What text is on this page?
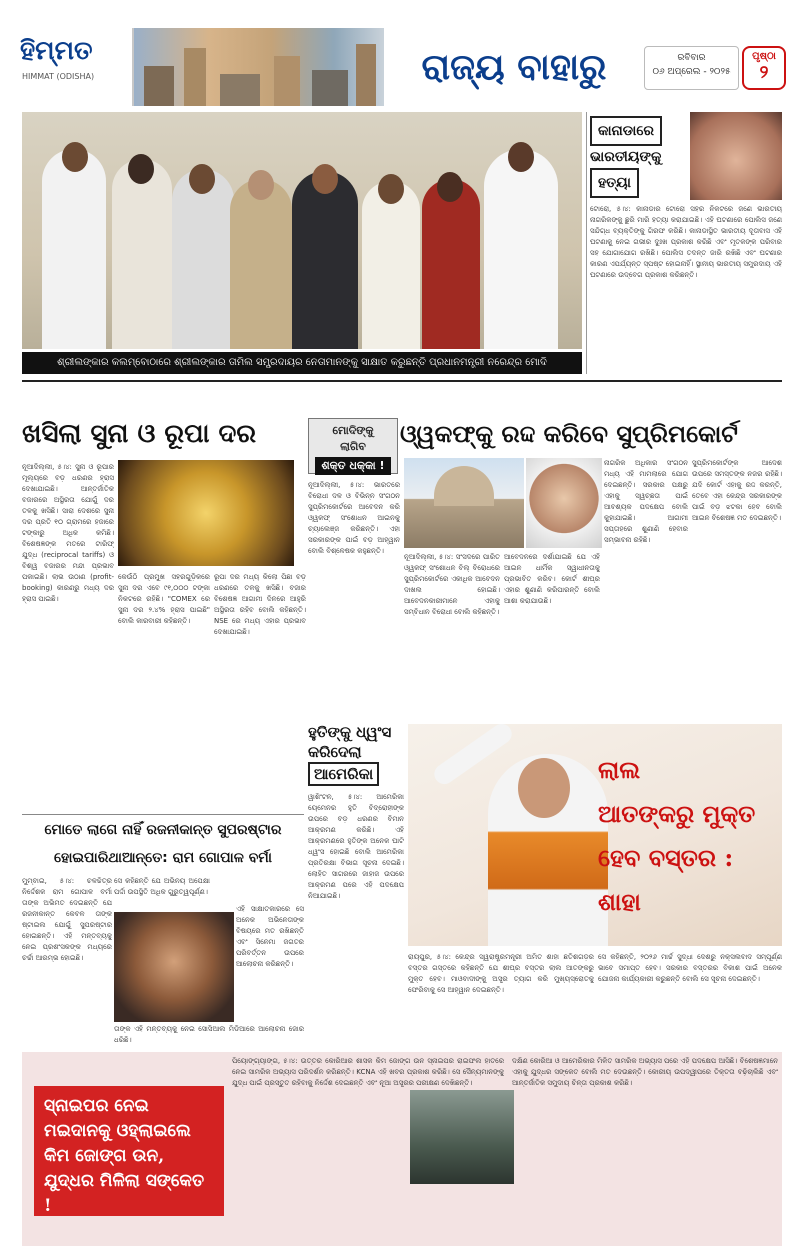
ହିମ୍ମତ
HIMMAT (ODISHA)	ରାଜ୍ୟ ବାହାରୁ	ରବିବାର
୦୬ ଅପ୍ରେଲ - ୨୦୨୫
ପୃଷ୍ଠା
୨
ଶ୍ରୀଲଙ୍କାର କଲମ୍ବୋଠାରେ ଶ୍ରୀଲଙ୍କାର ତାମିଲ ସମ୍ପ୍ରଦାୟର ନେତାମାନଙ୍କୁ ସାକ୍ଷାତ କରୁଛନ୍ତି ପ୍ରଧାନମନ୍ତ୍ରୀ ନରେନ୍ଦ୍ର ମୋଦି
କାନାଡାରେ
ଭାରତୀୟଙ୍କୁ
ହତ୍ୟା
ଟୋରୋ, ୫।୪: କାନାଡାର ଟୋରୋ ସହର ନିକଟରେ ଜଣେ ଭାରତୀୟ ନାଗରିକଙ୍କୁ ଛୁରି ମାରି ହତ୍ୟା କରାଯାଇଛି। ଏହି ଘଟଣାରେ ପୋଲିସ ଜଣେ ସନ୍ଦିଗ୍ଧ ବ୍ୟକ୍ତିଙ୍କୁ ଗିରଫ କରିଛି। କାନାଡାସ୍ଥିତ ଭାରତୀୟ ଦୂତାବାସ ଏହି ଘଟଣାକୁ ନେଇ ଗଭୀର ଦୁଃଖ ପ୍ରକାଶ କରିଛି ଏବଂ ମୃତକଙ୍କ ପରିବାର ସହ ଯୋଗାଯୋଗ ରଖିଛି। ପୋଲିସ ତଦନ୍ତ ଜାରି ରଖିଛି ଏବଂ ଘଟଣାର କାରଣ ଏପର୍ଯ୍ୟନ୍ତ ସ୍ପଷ୍ଟ ହୋଇନାହିଁ। ସ୍ଥାନୀୟ ଭାରତୀୟ ସମ୍ପ୍ରଦାୟ ଏହି ଘଟଣାରେ ଉଦ୍ବେଗ ପ୍ରକାଶ କରିଛନ୍ତି।
ଖସିଲା ସୁନା ଓ ରୂପା ଦର	ମୋଦିଙ୍କୁ
ଲାଗିବ
ଶକ୍ତ ଧକ୍କା !
ଓ୍ୱକଫ୍‌କୁ ରଦ୍ଦ କରିବେ ସୁପ୍ରିମକୋର୍ଟ
ନୂଆଦିଲ୍ଲୀ, ୫।୪: ସୁନା ଓ ରୂପାର ମୂଲ୍ୟରେ ବଡ଼ ଧରଣର ହ୍ରାସ ଦେଖାଯାଇଛି। ଆନ୍ତର୍ଜାତିକ ବଜାରରେ ଅସ୍ଥିରତା ଯୋଗୁଁ ଦର ତଳକୁ ଖସିଛି। ସାରା ଦେଶରେ ସୁନା ଦର ପ୍ରତି ୧୦ ଗ୍ରାମରେ ହଜାରେ ଟଙ୍କାରୁ ଅଧିକ କମିଛି। ବିଶେଷଜ୍ଞଙ୍କ ମତରେ ଟାରିଫ୍ ଯୁଦ୍ଧ (reciprocal tariffs) ଓ ବିଶ୍ୱ ବଜାରର ମନ୍ଦା ପ୍ରଭାବ ପକାଇଛି। ଲାଭ ଉଠାଣ (profit-booking) କାରଣରୁ ମଧ୍ୟ ଦର ହ୍ରାସ ପାଇଛି।
କେଉଁଠି ପ୍ରମୁଖ ସହରଗୁଡ଼ିକରେ ସୁନା ଦର ଏବେ ୯୧,୦୦୦ ଟଙ୍କା ନିକଟରେ ରହିଛି। "COMEX ରେ ସୁନା ଦର ୨.୪% ହ୍ରାସ ପାଇଛି" ବୋଲି କାରବାରୀ କହିଛନ୍ତି।
ରୂପା ଦର ମଧ୍ୟ କିଲୋ ପିଛା ବଡ଼ ଧରଣରେ ତଳକୁ ଖସିଛି। ବଜାର ବିଶେଷଜ୍ଞ ଆଗାମୀ ଦିନରେ ଆହୁରି ଅସ୍ଥିରତା ରହିବ ବୋଲି କହିଛନ୍ତି। NSE ରେ ମଧ୍ୟ ଏହାର ପ୍ରଭାବ ଦେଖାଯାଇଛି।
ନୂଆଦିଲ୍ଲୀ, ୫।୪: ଭାରତରେ ବିରୋଧୀ ଦଳ ଓ ବିଭିନ୍ନ ସଂଗଠନ ସୁପ୍ରିମକୋର୍ଟରେ ଆବେଦନ କରି ଓ୍ୱକଫ୍ ସଂଶୋଧନ ଆଇନକୁ ଚ୍ୟାଲେଞ୍ଜ କରିଛନ୍ତି। ଏହା ସରକାରଙ୍କ ପାଇଁ ବଡ଼ ଆହ୍ୱାନ ବୋଲି ବିଶ୍ଳେଷକ କହୁଛନ୍ତି।
ନୂଆଦିଲ୍ଲୀ, ୫।୪: ସଂସଦରେ ପାରିତ ଓ୍ୱକଫ୍ ସଂଶୋଧନ ବିଲ୍ ବିରୋଧରେ ସୁପ୍ରିମକୋର୍ଟରେ ଏକାଧିକ ଆବେଦନ ଦାଖଲ ହୋଇଛି। ଆବେଦନକାରୀମାନେ ଏହାକୁ ସମ୍ବିଧାନ ବିରୋଧୀ ବୋଲି କହିଛନ୍ତି।
ଆବେଦନରେ ଦର୍ଶାଯାଇଛି ଯେ ଏହି ଆଇନ ଧାର୍ମିକ ସ୍ୱାଧୀନତାକୁ ପ୍ରଭାବିତ କରିବ। କୋର୍ଟ ଶୀଘ୍ର ଏହାର ଶୁଣାଣି କରିପାରନ୍ତି ବୋଲି ଆଶା କରାଯାଉଛି।
ନାଗରିକ ଅଧିକାର ସଂଗଠନ ମଧ୍ୟ ଏହି ମାମଲାରେ ଯୋଗ ଦେଇଛନ୍ତି। ସରକାର ପକ୍ଷରୁ ଏହାକୁ ସ୍ୱଚ୍ଛତା ପାଇଁ ଆବଶ୍ୟକ ପଦକ୍ଷେପ ବୋଲି କୁହାଯାଇଛି। ଆଗାମୀ ସପ୍ତାହରେ ଶୁଣାଣି ହେବାର ସମ୍ଭାବନା ରହିଛି।
ସୁପ୍ରିମକୋର୍ଟଙ୍କ ଆଦେଶ ଉପରେ ସମସ୍ତଙ୍କ ନଜର ରହିଛି। ଯଦି କୋର୍ଟ ଏହାକୁ ରଦ୍ଦ କରନ୍ତି, ତେବେ ଏହା କେନ୍ଦ୍ର ସରକାରଙ୍କ ପାଇଁ ବଡ଼ ଝଟକା ହେବ ବୋଲି ଆଇନ ବିଶେଷଜ୍ଞ ମତ ଦେଇଛନ୍ତି।
ହୁତିଙ୍କୁ ଧ୍ୱଂସ
କରିଦେଲା
ଆମେରିକା
ୱାଶିଂଟନ, ୫।୪: ଆମେରିକା ୟେମେନର ହୁତି ବିଦ୍ରୋହୀଙ୍କ ଉପରେ ବଡ଼ ଧରଣର ବିମାନ ଆକ୍ରମଣ କରିଛି। ଏହି ଆକ୍ରମଣରେ ହୁତିଙ୍କ ଅନେକ ଘାଟି ଧ୍ୱଂସ ହୋଇଛି ବୋଲି ଆମେରିକା ପ୍ରତିରକ୍ଷା ବିଭାଗ ସୂଚନା ଦେଇଛି। ଲୋହିତ ସାଗରରେ ଜାହାଜ ଉପରେ ଆକ୍ରମଣ ପରେ ଏହି ପଦକ୍ଷେପ ନିଆଯାଇଛି।
ଲାଲ
ଆତଙ୍କରୁ ମୁକ୍ତ
ହେବ ବସ୍ତର : ଶାହା
ରାୟପୁର, ୫।୪: କେନ୍ଦ୍ର ସ୍ୱରାଷ୍ଟ୍ରମନ୍ତ୍ରୀ ଅମିତ ଶାହା ଛତିଶଗଡ଼ର ବସ୍ତର ଗସ୍ତରେ କହିଛନ୍ତି ଯେ ଶୀଘ୍ର ବସ୍ତର ଲାଲ ଆତଙ୍କରୁ ମୁକ୍ତ ହେବ। ମାଓବାଦୀଙ୍କୁ ଅସ୍ତ୍ର ତ୍ୟାଗ କରି ମୁଖ୍ୟସ୍ରୋତକୁ ଫେରିବାକୁ ସେ ଆହ୍ୱାନ ଦେଇଛନ୍ତି।
ସେ କହିଛନ୍ତି, ୨୦୨୬ ମାର୍ଚ୍ଚ ସୁଦ୍ଧା ଦେଶରୁ ନକ୍ସଲବାଦ ସମ୍ପୂର୍ଣ୍ଣ ଭାବେ ସମାପ୍ତ ହେବ। ସରକାର ବସ୍ତରର ବିକାଶ ପାଇଁ ଅନେକ ଯୋଜନା କାର୍ଯ୍ୟକାରୀ କରୁଛନ୍ତି ବୋଲି ସେ ସୂଚନା ଦେଇଛନ୍ତି।
ମୋତେ ଲାଗେ ନାହିଁ ରଜନୀକାନ୍ତ ସୁପରଷ୍ଟାର
ହୋଇପାରିଥାଆନ୍ତେ: ରାମ ଗୋପାଳ ବର୍ମା
ମୁମ୍ବାଇ, ୫।୪: ଚଳଚ୍ଚିତ୍ର ନିର୍ଦ୍ଦେଶକ ରାମ ଗୋପାଳ ବର୍ମା ତାଙ୍କ ଅଭିମତ ଦେଇଛନ୍ତି ଯେ ରଜନୀକାନ୍ତ କେବଳ ତାଙ୍କ ଷ୍ଟାଇଲ ଯୋଗୁଁ ସୁପରଷ୍ଟାର ହୋଇଛନ୍ତି। ଏହି ମନ୍ତବ୍ୟକୁ ନେଇ ପ୍ରଶଂସକଙ୍କ ମଧ୍ୟରେ ଚର୍ଚ୍ଚା ଆରମ୍ଭ ହୋଇଛି।
ସେ କହିଛନ୍ତି ଯେ ଅଭିନୟ ଅପେକ୍ଷା ପର୍ଦ୍ଦା ଉପସ୍ଥିତି ଅଧିକ ଗୁରୁତ୍ୱପୂର୍ଣ୍ଣ।
ଏହି ସାକ୍ଷାତକାରରେ ସେ ଅନେକ ଅଭିନେତାଙ୍କ ବିଷୟରେ ମତ ରଖିଛନ୍ତି ଏବଂ ସିନେମା ଜଗତର ପରିବର୍ତ୍ତନ ଉପରେ ଆଲୋଚନା କରିଛନ୍ତି।
ତାଙ୍କ ଏହି ମନ୍ତବ୍ୟକୁ ନେଇ ସୋସିଆଲ ମିଡିଆରେ ଆଲୋଚନା ଜୋର ଧରିଛି।
ସ୍ନାଇପର ନେଇ ମଇଦାନକୁ ଓହ୍ଲାଇଲେ କିମ ଜୋଙ୍ଗ ଉନ, ଯୁଦ୍ଧର ମିଳିଲା ସଙ୍କେତ !
ପିୟୋଙ୍ଗ୍‌ୟାଙ୍ଗ, ୫।୪: ଉତ୍ତର କୋରିଆର ଶାସକ କିମ ଜୋଙ୍ଗ ଉନ ସ୍ନାଇପର ରାଇଫଲ ହାତରେ ନେଇ ସାମରିକ ଅଭ୍ୟାସ ପରିଦର୍ଶନ କରିଛନ୍ତି। KCNA ଏହି ଖବର ପ୍ରକାଶ କରିଛି। ସେ ସୈନ୍ୟମାନଙ୍କୁ ଯୁଦ୍ଧ ପାଇଁ ପ୍ରସ୍ତୁତ ରହିବାକୁ ନିର୍ଦ୍ଦେଶ ଦେଇଛନ୍ତି ଏବଂ ନୂଆ ଅସ୍ତ୍ରର ପରୀକ୍ଷଣ ଦେଖିଛନ୍ତି।
ଦକ୍ଷିଣ କୋରିଆ ଓ ଆମେରିକାର ମିଳିତ ସାମରିକ ଅଭ୍ୟାସ ପରେ ଏହି ପଦକ୍ଷେପ ଆସିଛି। ବିଶେଷଜ୍ଞମାନେ ଏହାକୁ ଯୁଦ୍ଧର ସଙ୍କେତ ବୋଲି ମତ ଦେଉଛନ୍ତି। କୋରୀୟ ଉପଦ୍ୱୀପରେ ତିକ୍ତତା ବଢ଼ିଚାଲିଛି ଏବଂ ଆନ୍ତର୍ଜାତିକ ସମୁଦାୟ ଚିନ୍ତା ପ୍ରକାଶ କରିଛି।
